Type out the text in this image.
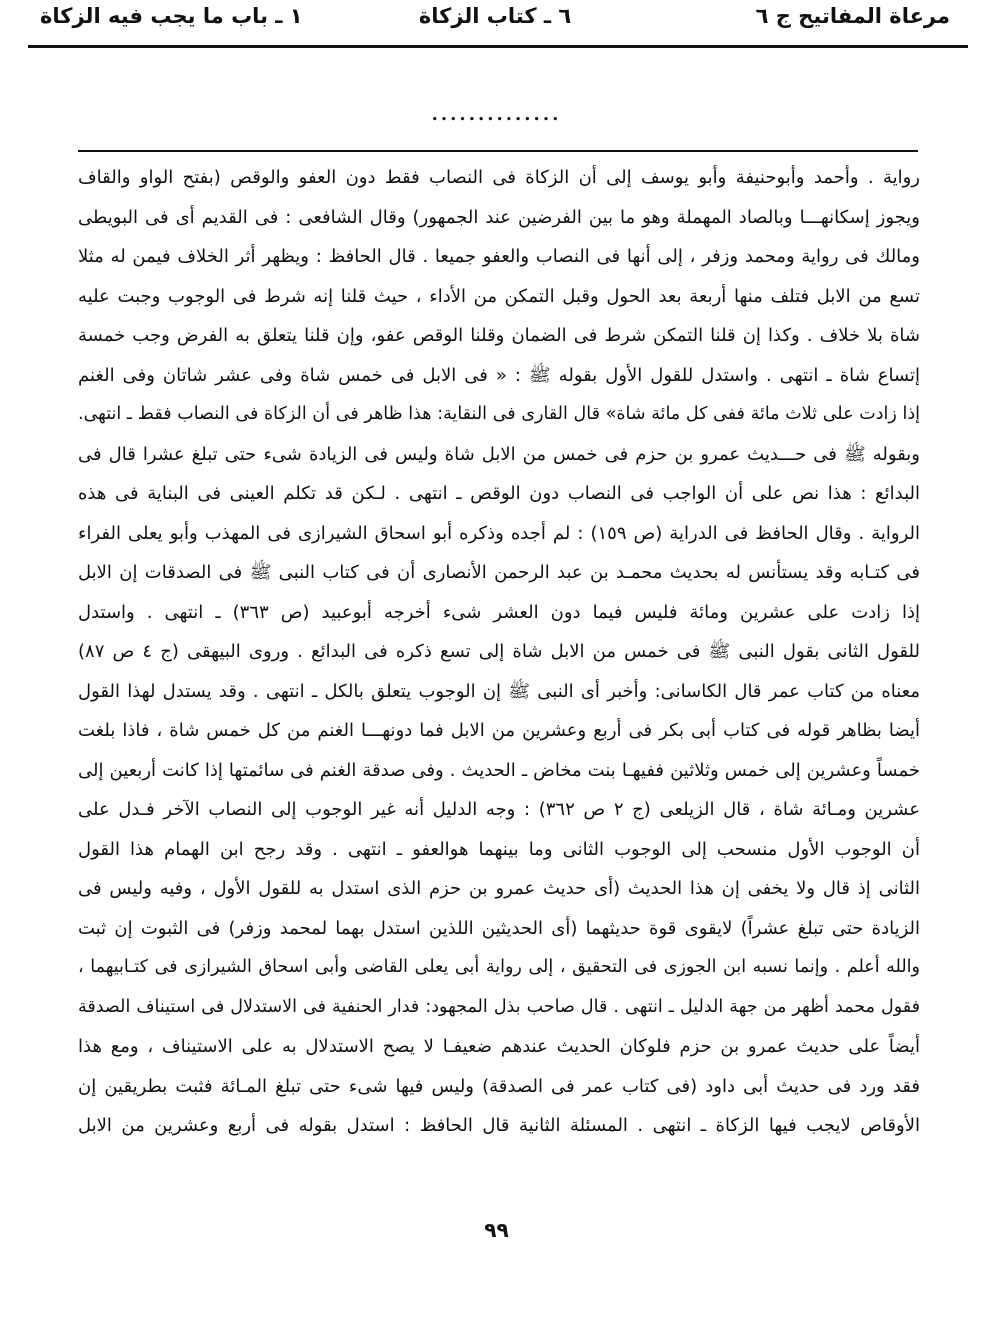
مرعاة المفاتيح ج ٦
٦ ـ كتاب الزكاة
١ ـ باب ما يجب فيه الزكاة
..............
رواية . وأحمد وأبوحنيفة وأبو يوسف إلى أن الزكاة فى النصاب فقط دون العفو والوقص (بفتح الواو والقاف
ويجوز إسكانهـــا وبالصاد المهملة وهو ما بين الفرضين عند الجمهور) وقال الشافعى : فى القديم أى فى البويطى
ومالك فى رواية ومحمد وزفر ، إلى أنها فى النصاب والعفو جميعا . قال الحافظ : ويظهر أثر الخلاف فيمن له مثلا
تسع من الابل فتلف منها أربعة بعد الحول وقبل التمكن من الأداء ، حيث قلنا إنه شرط فى الوجوب وجبت عليه
شاة بلا خلاف . وكذا إن قلنا التمكن شرط فى الضمان وقلنا الوقص عفو، وإن قلنا يتعلق به الفرض وجب خمسة
إتساع شاة ـ انتهى . واستدل للقول الأول بقوله ﷺ : « فى الابل فى خمس شاة وفى عشر شاتان وفى الغنم
إذا زادت على ثلاث مائة ففى كل مائة شاة» قال القارى فى النقاية: هذا ظاهر فى أن الزكاة فى النصاب فقط ـ انتهى.
وبقوله ﷺ فى حـــديث عمرو بن حزم فى خمس من الابل شاة وليس فى الزيادة شىء حتى تبلغ عشرا قال فى
البدائع : هذا نص على أن الواجب فى النصاب دون الوقص ـ انتهى . لـكن قد تكلم العينى فى البناية فى هذه
الرواية . وقال الحافظ فى الدراية (ص ١٥٩) : لم أجده وذكره أبو اسحاق الشيرازى فى المهذب وأبو يعلى الفراء
فى كتـابه وقد يستأنس له بحديث محمـد بن عبد الرحمن الأنصارى أن فى كتاب النبى ﷺ فى الصدقات إن الابل
إذا زادت على عشرين ومائة فليس فيما دون العشر شىء أخرجه أبوعبيد (ص ٣٦٣) ـ انتهى . واستدل
للقول الثانى بقول النبى ﷺ فى خمس من الابل شاة إلى تسع ذكره فى البدائع . وروى البيهقى (ج ٤ ص ٨٧)
معناه من كتاب عمر قال الكاسانى: وأخبر أى النبى ﷺ إن الوجوب يتعلق بالكل ـ انتهى . وقد يستدل لهذا القول
أيضا بظاهر قوله فى كتاب أبى بكر فى أربع وعشرين من الابل فما دونهـــا الغنم من كل خمس شاة ، فاذا بلغت
خمساً وعشرين إلى خمس وثلاثين ففيهـا بنت مخاض ـ الحديث . وفى صدقة الغنم فى سائمتها إذا كانت أربعين إلى
عشرين ومـائة شاة ، قال الزيلعى (ج ٢ ص ٣٦٢) : وجه الدليل أنه غير الوجوب إلى النصاب الآخر فـدل على
أن الوجوب الأول منسحب إلى الوجوب الثانى وما بينهما هوالعفو ـ انتهى . وقد رجح ابن الهمام هذا القول
الثانى إذ قال ولا يخفى إن هذا الحديث (أى حديث عمرو بن حزم الذى استدل به للقول الأول ، وفيه وليس فى
الزيادة حتى تبلغ عشراً) لايقوى قوة حديثهما (أى الحديثين اللذين استدل بهما لمحمد وزفر) فى الثبوت إن ثبت
والله أعلم . وإنما نسبه ابن الجوزى فى التحقيق ، إلى رواية أبى يعلى القاضى وأبى اسحاق الشيرازى فى كتـابيهما ،
فقول محمد أظهر من جهة الدليل ـ انتهى . قال صاحب بذل المجهود: فدار الحنفية فى الاستدلال فى استيناف الصدقة
أيضاً على حديث عمرو بن حزم فلوكان الحديث عندهم ضعيفـا لا يصح الاستدلال به على الاستيناف ، ومع هذا
فقد ورد فى حديث أبى داود (فى كتاب عمر فى الصدقة) وليس فيها شىء حتى تبلغ المـائة فثبت بطريقين إن
الأوقاص لايجب فيها الزكاة ـ انتهى . المسئلة الثانية قال الحافظ : استدل بقوله فى أربع وعشرين من الابل
٩٩
